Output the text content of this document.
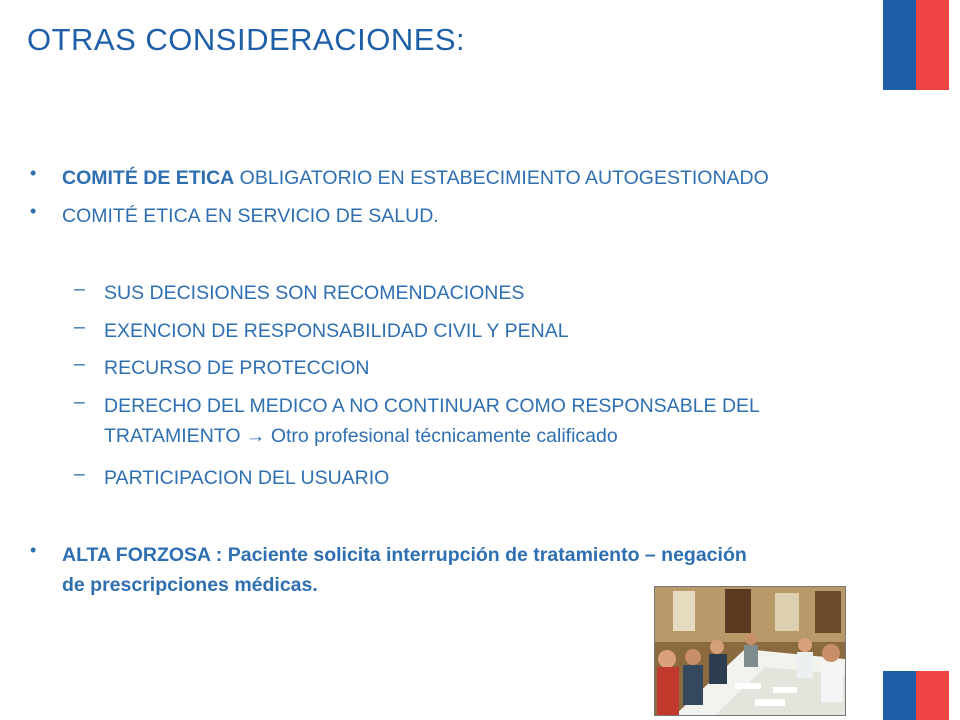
OTRAS CONSIDERACIONES:
• COMITÉ DE ETICA OBLIGATORIO EN ESTABECIMIENTO AUTOGESTIONADO
• COMITÉ ETICA EN SERVICIO DE SALUD.
– SUS DECISIONES SON RECOMENDACIONES
– EXENCION DE RESPONSABILIDAD CIVIL Y PENAL
– RECURSO DE PROTECCION
– DERECHO DEL MEDICO A NO CONTINUAR COMO RESPONSABLE DEL
TRATAMIENTO → Otro profesional técnicamente calificado
– PARTICIPACION DEL USUARIO
• ALTA FORZOSA : Paciente solicita interrupción de tratamiento – negación
de prescripciones médicas.
